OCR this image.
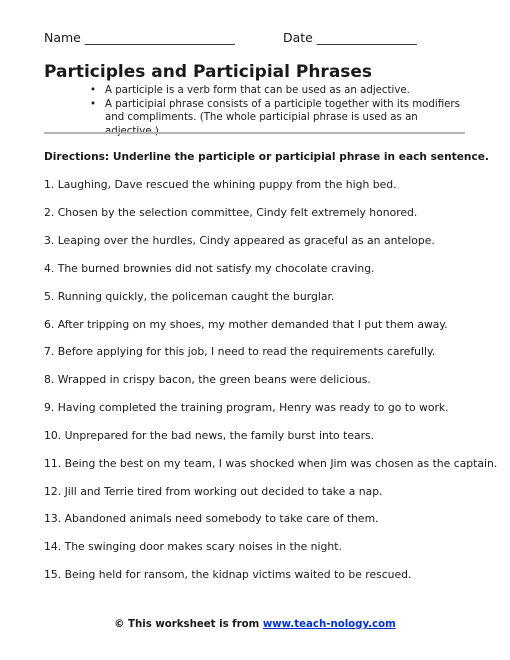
Name ________________________	Date ________________
Participles and Participial Phrases
• A participle is a verb form that can be used as an adjective.
• A participial phrase consists of a participle together with its modifiers and compliments. (The whole participial phrase is used as an adjective.)
Directions: Underline the participle or participial phrase in each sentence.
1. Laughing, Dave rescued the whining puppy from the high bed.
2. Chosen by the selection committee, Cindy felt extremely honored.
3. Leaping over the hurdles, Cindy appeared as graceful as an antelope.
4. The burned brownies did not satisfy my chocolate craving.
5. Running quickly, the policeman caught the burglar.
6. After tripping on my shoes, my mother demanded that I put them away.
7. Before applying for this job, I need to read the requirements carefully.
8. Wrapped in crispy bacon, the green beans were delicious.
9. Having completed the training program, Henry was ready to go to work.
10. Unprepared for the bad news, the family burst into tears.
11. Being the best on my team, I was shocked when Jim was chosen as the captain.
12. Jill and Terrie tired from working out decided to take a nap.
13. Abandoned animals need somebody to take care of them.
14. The swinging door makes scary noises in the night.
15. Being held for ransom, the kidnap victims waited to be rescued.
© This worksheet is from www.teach-nology.com
